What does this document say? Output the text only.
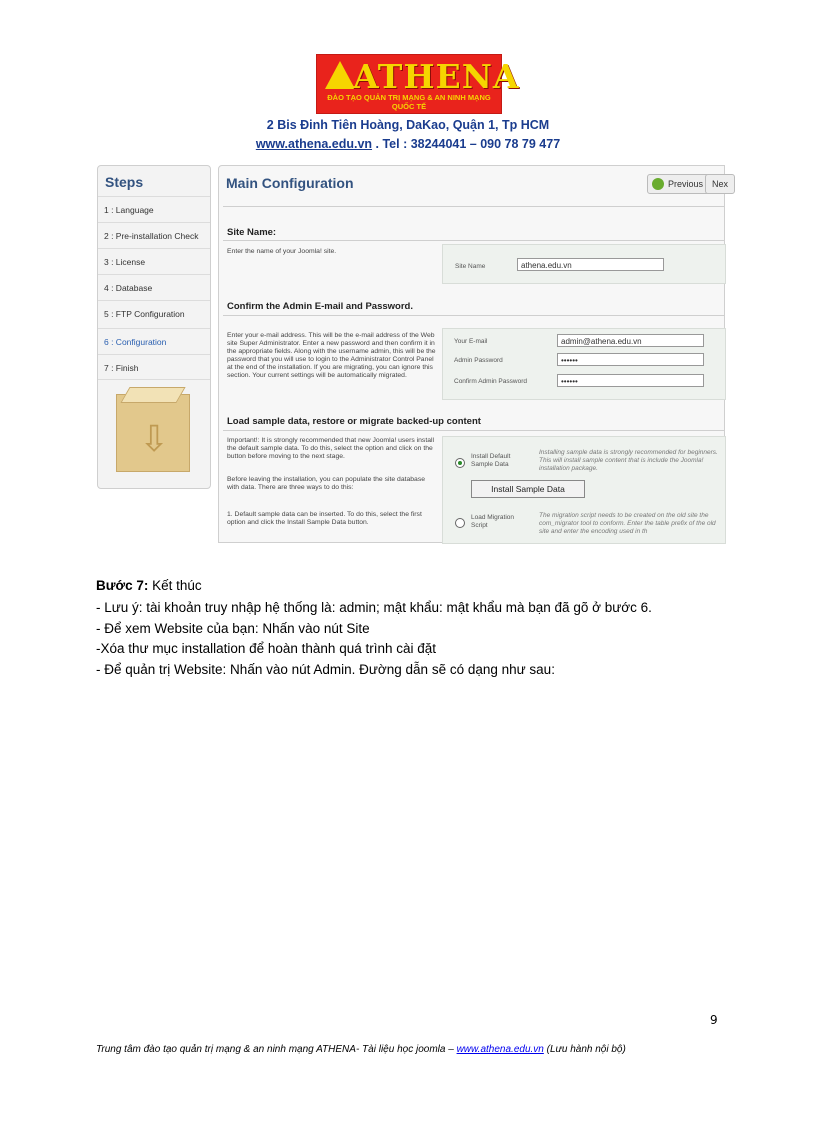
ATHENA
ĐÀO TẠO QUẢN TRỊ MẠNG & AN NINH MẠNG QUỐC TẾ
2 Bis Đinh Tiên Hoàng, DaKao, Quận 1, Tp HCM
www.athena.edu.vn . Tel : 38244041 – 090 78 79 477
Steps
1 : Language
2 : Pre-installation Check
3 : License
4 : Database
5 : FTP Configuration
6 : Configuration
7 : Finish
⇩
Main Configuration	Previous Nex
Site Name:
Enter the name of your Joomla! site.
Site Name	athena.edu.vn
Confirm the Admin E-mail and Password.
Enter your e-mail address. This will be the e-mail address of the Web site Super Administrator. Enter a new password and then confirm it in the appropriate fields. Along with the username admin, this will be the password that you will use to login to the Administrator Control Panel at the end of the installation. If you are migrating, you can ignore this section. Your current settings will be automatically migrated.
Your E-mail	admin@athena.edu.vn
Admin Password	••••••
Confirm Admin Password	••••••
Load sample data, restore or migrate backed-up content
Important!: It is strongly recommended that new Joomla! users install the default sample data. To do this, select the option and click on the button before moving to the next stage.
Before leaving the installation, you can populate the site database with data. There are three ways to do this:
1. Default sample data can be inserted. To do this, select the first option and click the Install Sample Data button.
Install Default Sample Data
Installing sample data is strongly recommended for beginners. This will install sample content that is include the Joomla! installation package.
Install Sample Data
Load Migration Script
The migration script needs to be created on the old site the com_migrator tool to conform. Enter the table prefix of the old site and enter the encoding used in th
Bước 7: Kết thúc
- Lưu ý: tài khoản truy nhập hệ thống là: admin; mật khẩu: mật khẩu mà bạn đã gõ ở bước 6.
- Để xem Website của bạn: Nhấn vào nút Site
-Xóa thư mục installation để hoàn thành quá trình cài đặt
- Để quản trị Website: Nhấn vào nút Admin. Đường dẫn sẽ có dạng như sau:
9
Trung tâm đào tạo quản trị mạng & an ninh mạng ATHENA- Tài liệu học joomla – www.athena.edu.vn (Lưu hành nội bộ)
